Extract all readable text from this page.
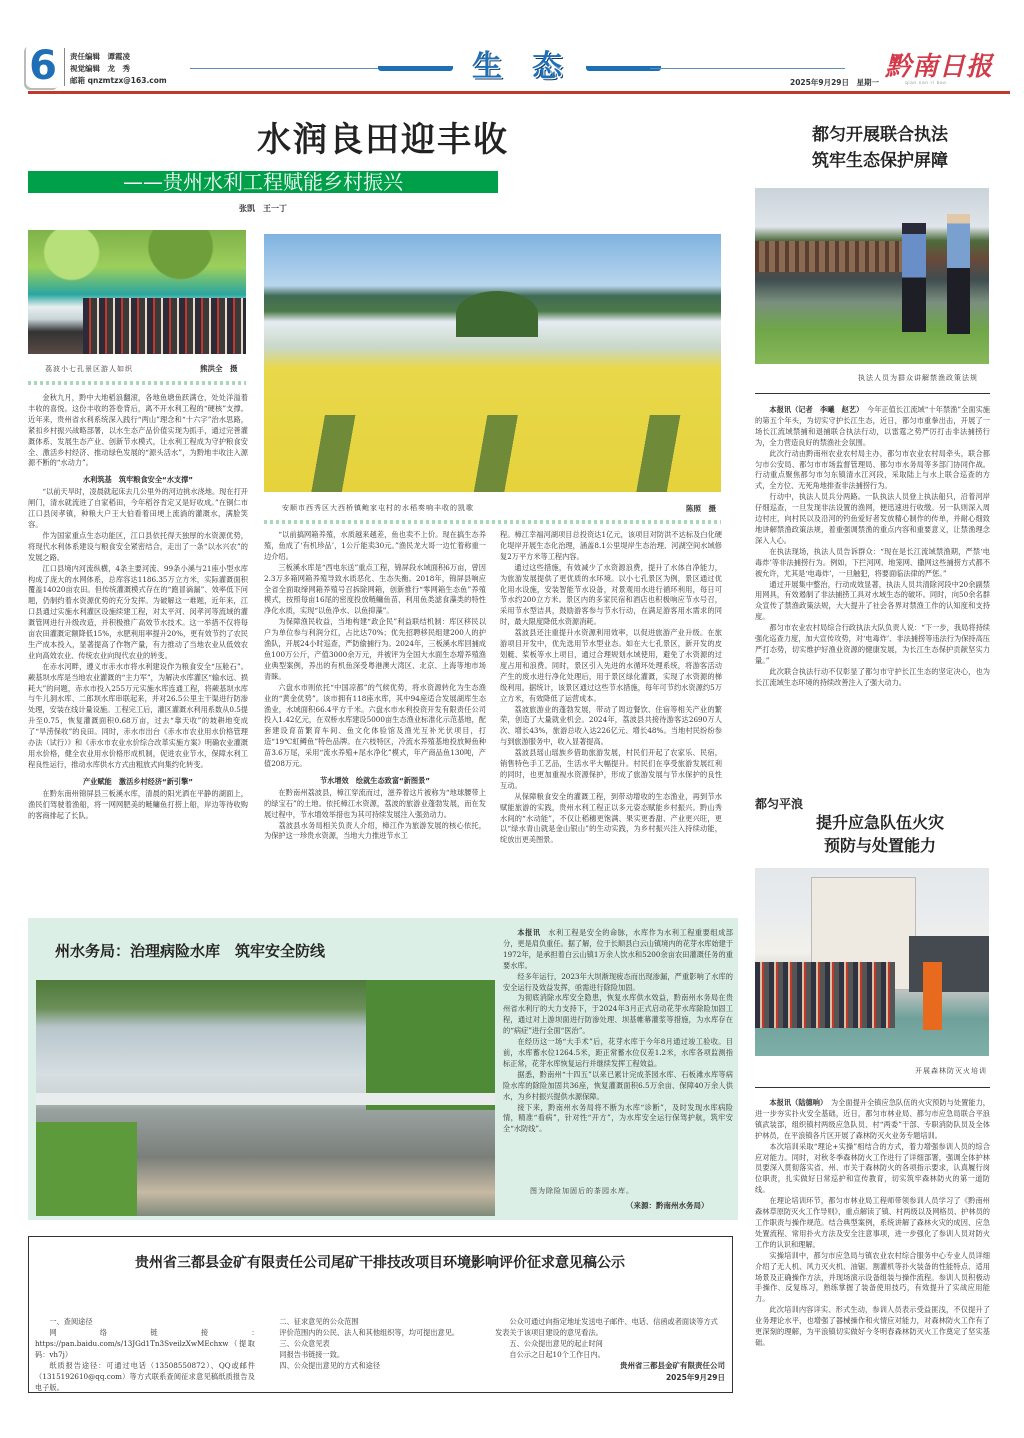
6	责任编辑　谭霞凌
视觉编辑　龙　秀
邮箱 qnzmtzx@163.com	生　态	2025年9月29日　星期一
黔南日报
qian nan ri bao
水润良田迎丰收
——贵州水利工程赋能乡村振兴
张凯　王一丁
荔波小七孔景区游人如织	熊洪全　摄
安顺市西秀区大西桥镇鲍家屯村的水稻奏响丰收的凯歌	陈照　摄

金秋九月，黔中大地稻浪翻滚，各地鱼塘鱼跃满仓，处处洋溢着丰收的喜悦。这份丰收的答卷背后，离不开水利工程的“硬核”支撑。近年来，贵州省水利系统深入践行“两山”理念和“十六字”治水思路，紧扣乡村振兴战略部署，以水生态产品价值实现为抓手，通过完善灌溉体系、发展生态产业、创新节水模式，让水利工程成为守护粮食安全、激活乡村经济、推动绿色发展的“源头活水”，为黔地丰收注入源源不断的“水动力”。

水利筑基　筑牢粮食安全“水支撑”

“以前天旱时，凌晨就起床去几公里外的河边挑水浇地。现在打开闸门，清水就流进了自家稻田，今年稻谷肯定又是好收成。”在铜仁市江口县闵孝镇，种粮大户王大伯看着田埂上流淌的灌溉水，满脸笑容。

作为国家重点生态功能区，江口县依托得天独厚的水资源优势，将现代水利体系建设与粮食安全紧密结合，走出了一条“以水兴农”的发展之路。

江口县境内河流纵横，4条主要河流、99条小溪与21座小型水库构成了庞大的水网体系，总库容达1186.35万立方米，实际灌溉面积覆盖14020亩农田。但传统灌溉模式存在的“跑冒滴漏”、效率低下问题，仍制约着水资源优势的充分发挥。为破解这一难题，近年来，江口县通过实施水利灌区设施续建工程，对太平河、闵孝河等流域的灌溉管网进行升级改造，并积极推广高效节水技术。这一举措不仅将每亩农田灌溉定额降低15%，水肥利用率提升20%，更有效节约了农民生产成本投入，显著提高了作物产量，有力推动了当地农业从低效农业向高效农业、传统农业向现代农业的转变。

在赤水河畔，遵义市赤水市将水利建设作为粮食安全“压舱石”。蕨基坝水库是当地农业灌溉的“主力军”，为解决水库灌区“输水远、损耗大”的问题，赤水市投入255万元实施水库连通工程，将蕨基坝水库与牛儿洞水库、二郎坝水库串联起来，并对26.5公里主干渠进行防渗处理，安装在线计量设施。工程完工后，灌区灌溉水利用系数从0.5提升至0.75，恢复灌溉面积0.68万亩，过去“靠天收”的坡耕地变成了“旱涝保收”的良田。同时，赤水市出台《赤水市农业用水价格管理办法（试行）》和《赤水市农业水价综合改革实施方案》明确农业灌溉用水价格，健全农业用水价格形成机制，促进农业节水，保障水利工程良性运行，推动水库供水方式由粗放式向集约化转变。

产业赋能　激活乡村经济“新引擎”

在黔东南州锦屏县三板溪水库，清晨的阳光洒在平静的湖面上，渔民们驾驶着渔船，将一网网肥美的鲢鳙鱼打捞上船，岸边等待收购的客商排起了长队。

“以前搞网箱养殖，水质越来越差，鱼也卖不上价。现在搞生态养殖，鱼成了‘有机珍品’，1公斤能卖30元。”渔民龙大哥一边忙着称重一边介绍。

三板溪水库是“西电东送”重点工程，锦屏段水域面积6万亩，曾因2.3万多箱网箱养殖导致水质恶化、生态失衡。2018年，锦屏县响应全省全面取缔网箱养殖号召拆除网箱，创新推行“零网箱生态鱼”养殖模式，按照每亩16尾的密度投放鲢鳙鱼苗，利用鱼类滤食藻类的特性净化水质，实现“以鱼净水、以鱼抑藻”。

为保障渔民收益，当地构建“政企民”利益联结机制：库区移民以户为单位参与利润分红，占比达70%；优先招聘移民组建200人的护渔队，开展24小时巡查，严防偷捕行为。2024年，三板溪水库回捕成鱼100万公斤，产值3000余万元，并被评为全国大水面生态增养殖渔业典型案例，养出的有机鱼深受粤港澳大湾区、北京、上海等地市场青睐。

六盘水市则依托“中国凉都”的气候优势，将水资源转化为生态渔业的“黄金优势”。该市拥有118座水库，其中94座适合发展湖库生态渔业，水域面积66.4平方千米。六盘水市水利投资开发有限责任公司投入1.42亿元，在双桥水库建设5000亩生态渔业标准化示范基地，配套建设育苗繁育车间、鱼文化体验馆及渔光互补光伏项目，打造“19℃虹鳟鱼”特色品牌。在六枝特区，冷流水养殖基地投放鲟鱼种苗3.6万尾，采用“流水养殖+尾水净化”模式，年产商品鱼130吨，产值208万元。

节水增效　绘就生态致富“新图景”

在黔南州荔波县，樟江穿流而过，滋养着这片被称为“地球腰带上的绿宝石”的土地。依托樟江水资源，荔波的旅游业蓬勃发展，而在发展过程中，节水增效举措也为其可持续发展注入强劲动力。

荔波县水务局相关负责人介绍，樟江作为旅游发展的核心依托，为保护这一珍贵水资源，当地大力推进节水工

程。樟江幸福河湖项目总投资达1亿元，该项目对防洪不达标及白化硬化堤岸开展生态化治理，涵盖8.1公里堤岸生态治理、河湖空间水域修复2万平方米等工程内容。

通过这些措施，有效减少了水资源浪费，提升了水体自净能力，为旅游发展提供了更优质的水环境。以小七孔景区为例，景区通过优化用水设施，安装智能节水设备，对景观用水进行循环利用，每日可节水约200立方米。景区内的多家民宿和酒店也积极响应节水号召，采用节水型洁具，鼓励游客参与节水行动，在满足游客用水需求的同时，最大限度降低水资源消耗。

荔波县还注重提升水资源利用效率，以促进旅游产业升级。在旅游项目开发中，优先选用节水型业态。如在大七孔景区，新开发的皮划艇、桨板等水上项目，通过合理规划水域使用，避免了水资源的过度占用和浪费。同时，景区引入先进的水循环处理系统，将游客活动产生的废水进行净化处理后，用于景区绿化灌溉，实现了水资源的梯级利用。据统计，该景区通过这些节水措施，每年可节约水资源约5万立方米，有效降低了运营成本。

荔波旅游业的蓬勃发展，带动了周边餐饮、住宿等相关产业的繁荣，创造了大量就业机会。2024年，荔波县共接待游客达2690万人次、增长43%，旅游总收入达226亿元、增长48%。当地村民纷纷参与到旅游服务中，收入显著提高。

荔波县瑶山瑶族乡借助旅游发展，村民们开起了农家乐、民宿，销售特色手工艺品，生活水平大幅提升。村民们在享受旅游发展红利的同时，也更加重视水资源保护，形成了旅游发展与节水保护的良性互动。

从保障粮食安全的灌溉工程，到带动增收的生态渔业，再到节水赋能旅游的实践，贵州水利工程正以多元姿态赋能乡村振兴。黔山秀水间的“水动能”，不仅让稻穗更饱满、果实更香甜、产业更兴旺，更以“绿水青山就是金山银山”的生动实践，为乡村振兴注入持续动能，绽放出更美图景。

都匀开展联合执法
筑牢生态保护屏障
执法人员为群众讲解禁渔政策法规

本报讯（记者　李曦　赵艺）　今年正值长江流域“十年禁渔”全面实施的第五个年头，为切实守护长江生态，近日，都匀市重拳出击，开展了一场长江流域禁捕和退捕联合执法行动，以雷霆之势严厉打击非法捕捞行为，全力营造良好的禁渔社会氛围。

此次行动由黔南州农业农村局主办，都匀市农业农村局牵头，联合都匀市公安局、都匀市市场监督管理局、都匀市水务局等多部门协同作战。行动重点聚焦都匀市匀东镇清水江河段，采取陆上与水上联合巡查的方式，全方位、无死角地排查非法捕捞行为。

行动中，执法人员兵分两路。一队执法人员登上执法船只，沿着河岸仔细巡查，一旦发现非法设置的渔网，便迅速进行收缴。另一队则深入周边村庄，向村民以及沿河的钓鱼爱好者发放精心制作的传单，并耐心细致地讲解禁渔政策法规，着重强调禁渔的重点内容和重要意义，让禁渔理念深入人心。

在执法现场，执法人员告诉群众：“现在是长江流域禁渔期，严禁‘电毒炸’等非法捕捞行为。例如，下拦河网、地笼网、撒网这些捕捞方式都不被允许，尤其是‘电毒炸’，一旦触犯，将要面临法律的严惩。”

通过开展集中整治，行动成效显著，执法人员共清除河段中20余副禁用网具，有效遏制了非法捕捞工具对水域生态的破坏。同时，向50余名群众宣传了禁渔政策法规，大大提升了社会各界对禁渔工作的认知度和支持度。

都匀市农业农村局综合行政执法大队负责人说：“下一步，我局将持续强化巡查力度，加大宣传攻势，对‘电毒炸’、非法捕捞等违法行为保持高压严打态势，切实维护好渔业资源的健康发展，为长江生态保护贡献坚实力量。”

此次联合执法行动不仅彰显了都匀市守护长江生态的坚定决心，也为长江流域生态环境的持续改善注入了强大动力。

都匀平浪
提升应急队伍火灾
预防与处置能力
开展森林防灭火培训

本报讯（陆德响）　为全面提升全镇应急队伍的火灾预防与处置能力，进一步夯实扑火安全基础，近日，都匀市林业局、都匀市应急局联合平浪镇武装部，组织镇村两级应急队员、村“两委”干部、专职消防队员及全体护林员，在平浪镇各片区开展了森林防灭火业务专题培训。

本次培训采取“理论+实操”相结合的方式，着力增强参训人员的综合应对能力。同时，对秋冬季森林防火工作进行了详细部署，强调全体护林员要深入贯彻落实省、州、市关于森林防火的各项指示要求，认真履行岗位职责，扎实做好日常巡护和宣传教育，切实筑牢森林防火的第一道防线。

在理论培训环节，都匀市林业局工程师带领参训人员学习了《黔南州森林草原防灭火工作导则》，重点解读了镇、村两级以及网格员、护林员的工作职责与操作规范。结合典型案例，系统讲解了森林火灾的成因、应急处置流程、常用扑火方法及安全注意事项，进一步强化了参训人员对防火工作的认识和理解。

实操培训中，都匀市应急局与镇农业农村综合服务中心专业人员详细介绍了无人机、风力灭火机、油锯、割灌机等扑火装备的性能特点、适用场景及正确操作方法，并现场演示设备组装与操作流程。参训人员积极动手操作、反复练习，熟练掌握了装备使用技巧，有效提升了实战应用能力。

此次培训内容详实、形式生动，参训人员表示受益匪浅，不仅提升了业务理论水平，也增强了器械操作和火情应对能力，对森林防火工作有了更深刻的理解，为平浪镇切实做好今冬明春森林防灭火工作奠定了坚实基础。

州水务局：治理病险水库　筑牢安全防线

本报讯　水利工程是安全的命脉，水库作为水利工程重要组成部分，更是肩负重任。据了解，位于长顺县白云山镇境内的花芽水库始建于1972年，是承担着白云山镇1万余人饮水和5200余亩农田灌溉任务的重要水库。

经多年运行，2023年大坝渐现疲态而出现渗漏，严重影响了水库的安全运行及效益发挥，亟需进行除险加固。

为彻底消除水库安全隐患，恢复水库供水效益，黔南州水务局在贵州省水利厅的大力支持下，于2024年3月正式启动花芽水库除险加固工程，通过对上游坝面进行防渗处理、坝基帷幕灌浆等措施，为水库存在的“病症”进行全面“医治”。

在经历这一场“大手术”后，花芽水库于今年8月通过竣工验收。目前，水库蓄水位1264.5米，距正常蓄水位仅差1.2米，水库各项监测指标正常，花芽水库恢复运行并继续发挥工程效益。

据悉，黔南州“十四五”以来已累计完成茶园水库、石板滩水库等病险水库的除险加固共36座，恢复灌溉面积6.5万余亩、保障40万余人供水，为乡村振兴提供水源保障。

接下来，黔南州水务局将不断为水库“诊断”，及时发现水库病险情，精准“看病”，针对性“开方”，为水库安全运行保驾护航，筑牢安全“水防线”。

图为除险加固后的茶园水库。
（来源：黔南州水务局）
贵州省三都县金矿有限责任公司尾矿干排技改项目环境影响评价征求意见稿公示

一、查阅途径

网　络　链　接　：　https://pan.baidu.com/s/13JGd1Tn3SveilzXwMEchxw（提取码：vh7j）

纸质报告途径：可通过电话（13508550872）、QQ或邮件（1315192610@qq.com）等方式联系查阅征求意见稿纸质报告及电子版。

二、征求意见的公众范围

评价范围内的公民、法人和其他组织等，均可提出意见。

三、公众意见表

同报告书链接一致。

四、公众提出意见的方式和途径

公众可通过向指定地址发送电子邮件、电话、信函或者面谈等方式发表关于该项目建设的意见看法。

五、公众提出意见的起止时间

自公示之日起10个工作日内。

贵州省三都县金矿有限责任公司
2025年9月29日
